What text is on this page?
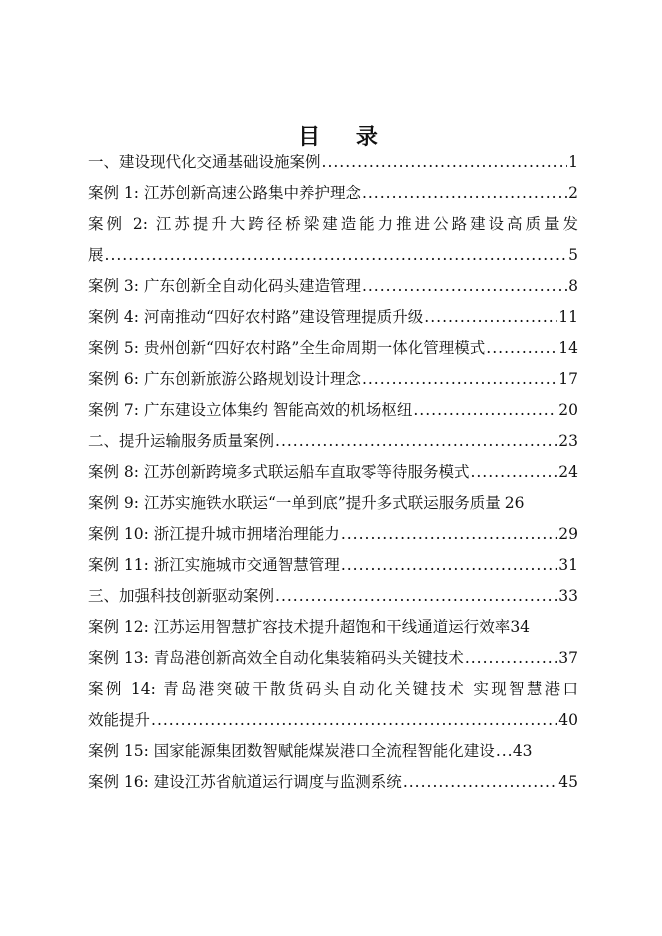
目 录
一、建设现代化交通基础设施案例 .....	1
案例 1: 江苏创新高速公路集中养护理念 .....	2
案例 2: 江苏提升大跨径桥梁建造能力推进公路建设高质量发
展 .....	5
案例 3: 广东创新全自动化码头建造管理 .....	8
案例 4: 河南推动“四好农村路”建设管理提质升级 .....	11
案例 5: 贵州创新“四好农村路”全生命周期一体化管理模式 .....	14
案例 6: 广东创新旅游公路规划设计理念 .....	17
案例 7: 广东建设立体集约 智能高效的机场枢纽 .....	20
二、提升运输服务质量案例 .....	23
案例 8: 江苏创新跨境多式联运船车直取零等待服务模式 .....	24
案例 9: 江苏实施铁水联运“一单到底”提升多式联运服务质量 26
案例 10: 浙江提升城市拥堵治理能力 .....	29
案例 11: 浙江实施城市交通智慧管理 .....	31
三、加强科技创新驱动案例 .....	33
案例 12: 江苏运用智慧扩容技术提升超饱和干线通道运行效率 34
案例 13: 青岛港创新高效全自动化集装箱码头关键技术 .....	37
案例 14: 青岛港突破干散货码头自动化关键技术 实现智慧港口
效能提升 .....	40
案例 15: 国家能源集团数智赋能煤炭港口全流程智能化建设 ..... 43
案例 16: 建设江苏省航道运行调度与监测系统 .....	45
